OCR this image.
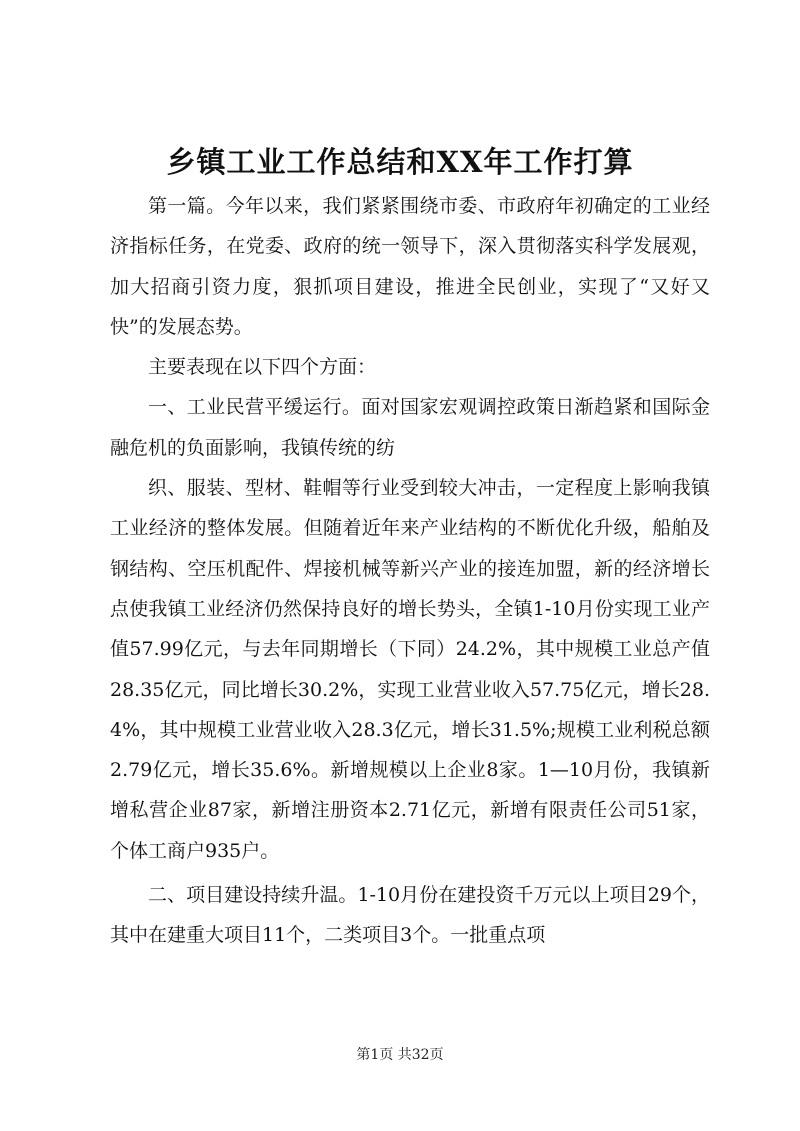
乡镇工业工作总结和XX年工作打算

第一篇。今年以来，我们紧紧围绕市委、市政府年初确定的工业经济指标任务，在党委、政府的统一领导下，深入贯彻落实科学发展观，加大招商引资力度，狠抓项目建设，推进全民创业，实现了“又好又快”的发展态势。

主要表现在以下四个方面：

一、工业民营平缓运行。面对国家宏观调控政策日渐趋紧和国际金融危机的负面影响，我镇传统的纺

织、服装、型材、鞋帽等行业受到较大冲击，一定程度上影响我镇工业经济的整体发展。但随着近年来产业结构的不断优化升级，船舶及钢结构、空压机配件、焊接机械等新兴产业的接连加盟，新的经济增长点使我镇工业经济仍然保持良好的增长势头，全镇1-10月份实现工业产值57.99亿元，与去年同期增长（下同）24.2%，其中规模工业总产值28.35亿元，同比增长30.2%，实现工业营业收入57.75亿元，增长28.4%，其中规模工业营业收入28.3亿元，增长31.5%;规模工业利税总额2.79亿元，增长35.6%。新增规模以上企业8家。1—10月份，我镇新增私营企业87家，新增注册资本2.71亿元，新增有限责任公司51家，个体工商户935户。

二、项目建设持续升温。1-10月份在建投资千万元以上项目29个，其中在建重大项目11个，二类项目3个。一批重点项

第1页 共32页
